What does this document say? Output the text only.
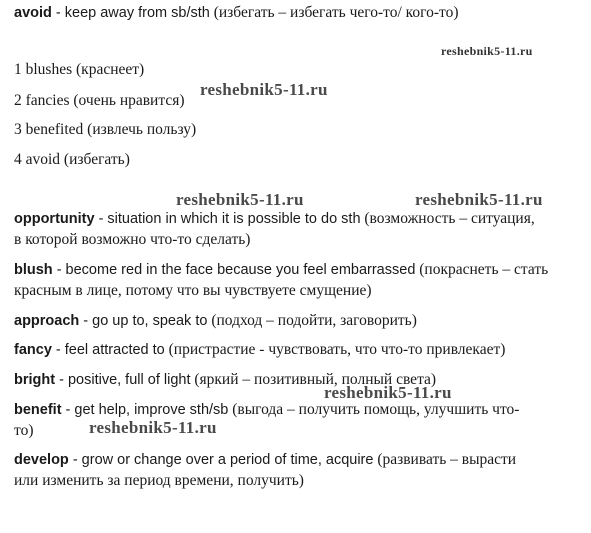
avoid - keep away from sb/sth (избегать – избегать чего-то/ кого-то)
reshebnik5-11.ru
1 blushes (краснеет)
2 fancies (очень нравится)
reshebnik5-11.ru
3 benefited (извлечь пользу)
4 avoid (избегать)
reshebnik5-11.ru	reshebnik5-11.ru
opportunity - situation in which it is possible to do sth (возможность – ситуация,
в которой возможно что-то сделать)
blush - become red in the face because you feel embarrassed (покраснеть – стать
красным в лице, потому что вы чувствуете смущение)
approach - go up to, speak to (подход – подойти, заговорить)
fancy - feel attracted to (пристрастие - чувствовать, что что-то привлекает)
bright - positive, full of light (яркий – позитивный, полный света)
reshebnik5-11.ru
benefit - get help, improve sth/sb (выгода – получить помощь, улучшить что-
то)	reshebnik5-11.ru
develop - grow or change over a period of time, acquire (развивать – вырасти
или изменить за период времени, получить)
